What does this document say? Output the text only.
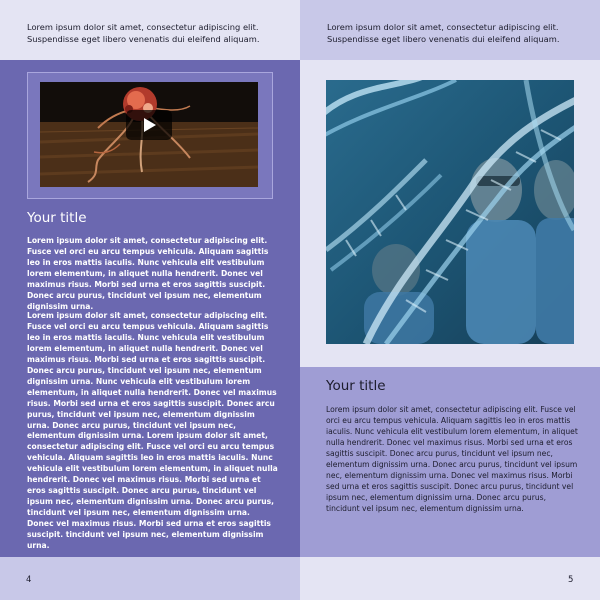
Lorem ipsum dolor sit amet, consectetur adipiscing elit. Suspendisse eget libero venenatis dui eleifend aliquam.
Your title
Lorem ipsum dolor sit amet, consectetur adipiscing elit. Fusce vel orci eu arcu tempus vehicula. Aliquam sagittis leo in eros mattis iaculis. Nunc vehicula elit vestibulum lorem elementum, in aliquet nulla hendrerit. Donec vel maximus risus. Morbi sed urna et eros sagittis suscipit. Donec arcu purus, tincidunt vel ipsum nec, elementum dignissim urna.
Lorem ipsum dolor sit amet, consectetur adipiscing elit. Fusce vel orci eu arcu tempus vehicula. Aliquam sagittis leo in eros mattis iaculis. Nunc vehicula elit vestibulum lorem elementum, in aliquet nulla hendrerit. Donec vel maximus risus. Morbi sed urna et eros sagittis suscipit. Donec arcu purus, tincidunt vel ipsum nec, elementum dignissim urna. Nunc vehicula elit vestibulum lorem elementum, in aliquet nulla hendrerit. Donec vel maximus risus. Morbi sed urna et eros sagittis suscipit. Donec arcu purus, tincidunt vel ipsum nec, elementum dignissim urna. Donec arcu purus, tincidunt vel ipsum nec, elementum dignissim urna. Lorem ipsum dolor sit amet, consectetur adipiscing elit. Fusce vel orci eu arcu tempus vehicula. Aliquam sagittis leo in eros mattis iaculis. Nunc vehicula elit vestibulum lorem elementum, in aliquet nulla hendrerit. Donec vel maximus risus. Morbi sed urna et eros sagittis suscipit. Donec arcu purus, tincidunt vel ipsum nec, elementum dignissim urna. Donec arcu purus, tincidunt vel ipsum nec, elementum dignissim urna. Donec vel maximus risus. Morbi sed urna et eros sagittis suscipit. tincidunt vel ipsum nec, elementum dignissim urna.
4
Lorem ipsum dolor sit amet, consectetur adipiscing elit. Suspendisse eget libero venenatis dui eleifend aliquam.
Your title
Lorem ipsum dolor sit amet, consectetur adipiscing elit. Fusce vel orci eu arcu tempus vehicula. Aliquam sagittis leo in eros mattis iaculis. Nunc vehicula elit vestibulum lorem elementum, in aliquet nulla hendrerit. Donec vel maximus risus. Morbi sed urna et eros sagittis suscipit. Donec arcu purus, tincidunt vel ipsum nec, elementum dignissim urna. Donec arcu purus, tincidunt vel ipsum nec, elementum dignissim urna. Donec vel maximus risus. Morbi sed urna et eros sagittis suscipit. Donec arcu purus, tincidunt vel ipsum nec, elementum dignissim urna. Donec arcu purus, tincidunt vel ipsum nec, elementum dignissim urna.
5
